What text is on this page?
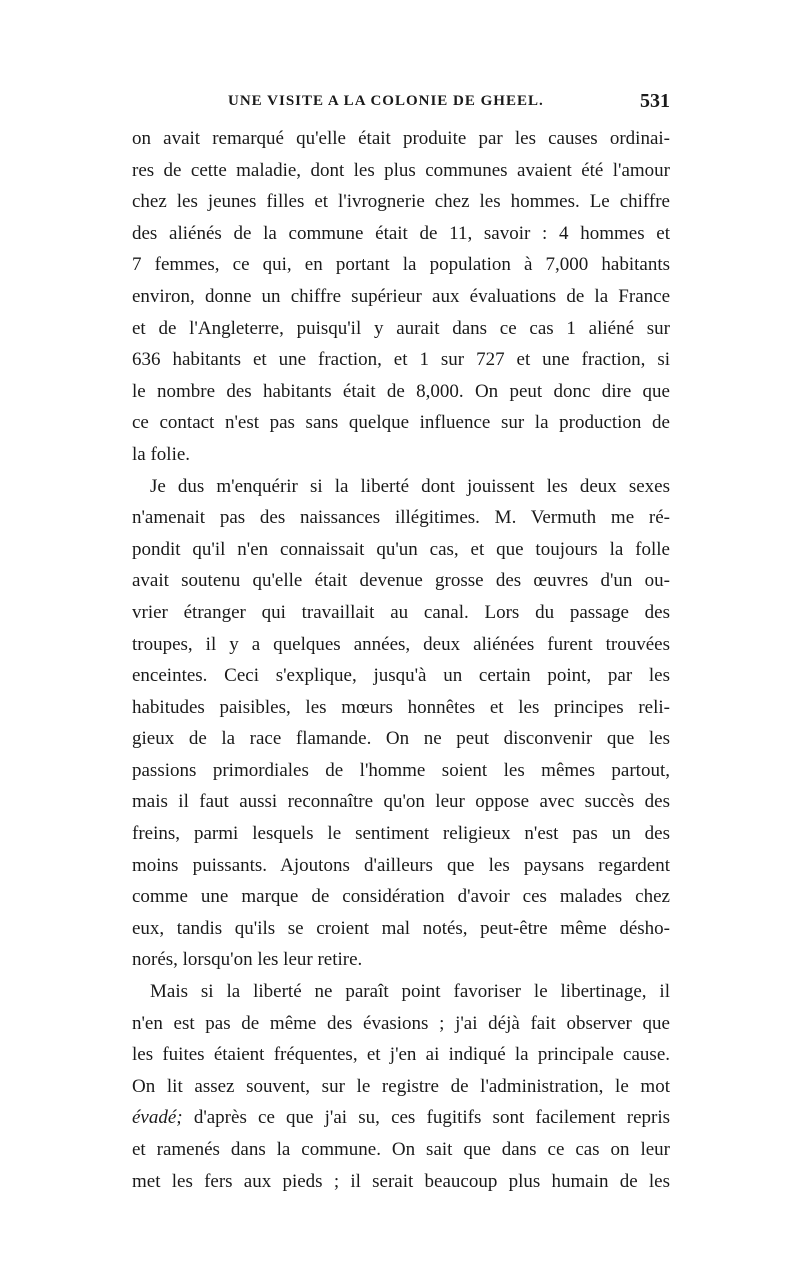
UNE VISITE A LA COLONIE DE GHEEL.	531
on avait remarqué qu'elle était produite par les causes ordinai-
res de cette maladie, dont les plus communes avaient été l'amour
chez les jeunes filles et l'ivrognerie chez les hommes. Le chiffre
des aliénés de la commune était de 11, savoir : 4 hommes et
7 femmes, ce qui, en portant la population à 7,000 habitants
environ, donne un chiffre supérieur aux évaluations de la France
et de l'Angleterre, puisqu'il y aurait dans ce cas 1 aliéné sur
636 habitants et une fraction, et 1 sur 727 et une fraction, si
le nombre des habitants était de 8,000. On peut donc dire que
ce contact n'est pas sans quelque influence sur la production de
la folie.
Je dus m'enquérir si la liberté dont jouissent les deux sexes
n'amenait pas des naissances illégitimes. M. Vermuth me ré-
pondit qu'il n'en connaissait qu'un cas, et que toujours la folle
avait soutenu qu'elle était devenue grosse des œuvres d'un ou-
vrier étranger qui travaillait au canal. Lors du passage des
troupes, il y a quelques années, deux aliénées furent trouvées
enceintes. Ceci s'explique, jusqu'à un certain point, par les
habitudes paisibles, les mœurs honnêtes et les principes reli-
gieux de la race flamande. On ne peut disconvenir que les
passions primordiales de l'homme soient les mêmes partout,
mais il faut aussi reconnaître qu'on leur oppose avec succès des
freins, parmi lesquels le sentiment religieux n'est pas un des
moins puissants. Ajoutons d'ailleurs que les paysans regardent
comme une marque de considération d'avoir ces malades chez
eux, tandis qu'ils se croient mal notés, peut-être même désho-
norés, lorsqu'on les leur retire.
Mais si la liberté ne paraît point favoriser le libertinage, il
n'en est pas de même des évasions ; j'ai déjà fait observer que
les fuites étaient fréquentes, et j'en ai indiqué la principale cause.
On lit assez souvent, sur le registre de l'administration, le mot
évadé; d'après ce que j'ai su, ces fugitifs sont facilement repris
et ramenés dans la commune. On sait que dans ce cas on leur
met les fers aux pieds ; il serait beaucoup plus humain de les
